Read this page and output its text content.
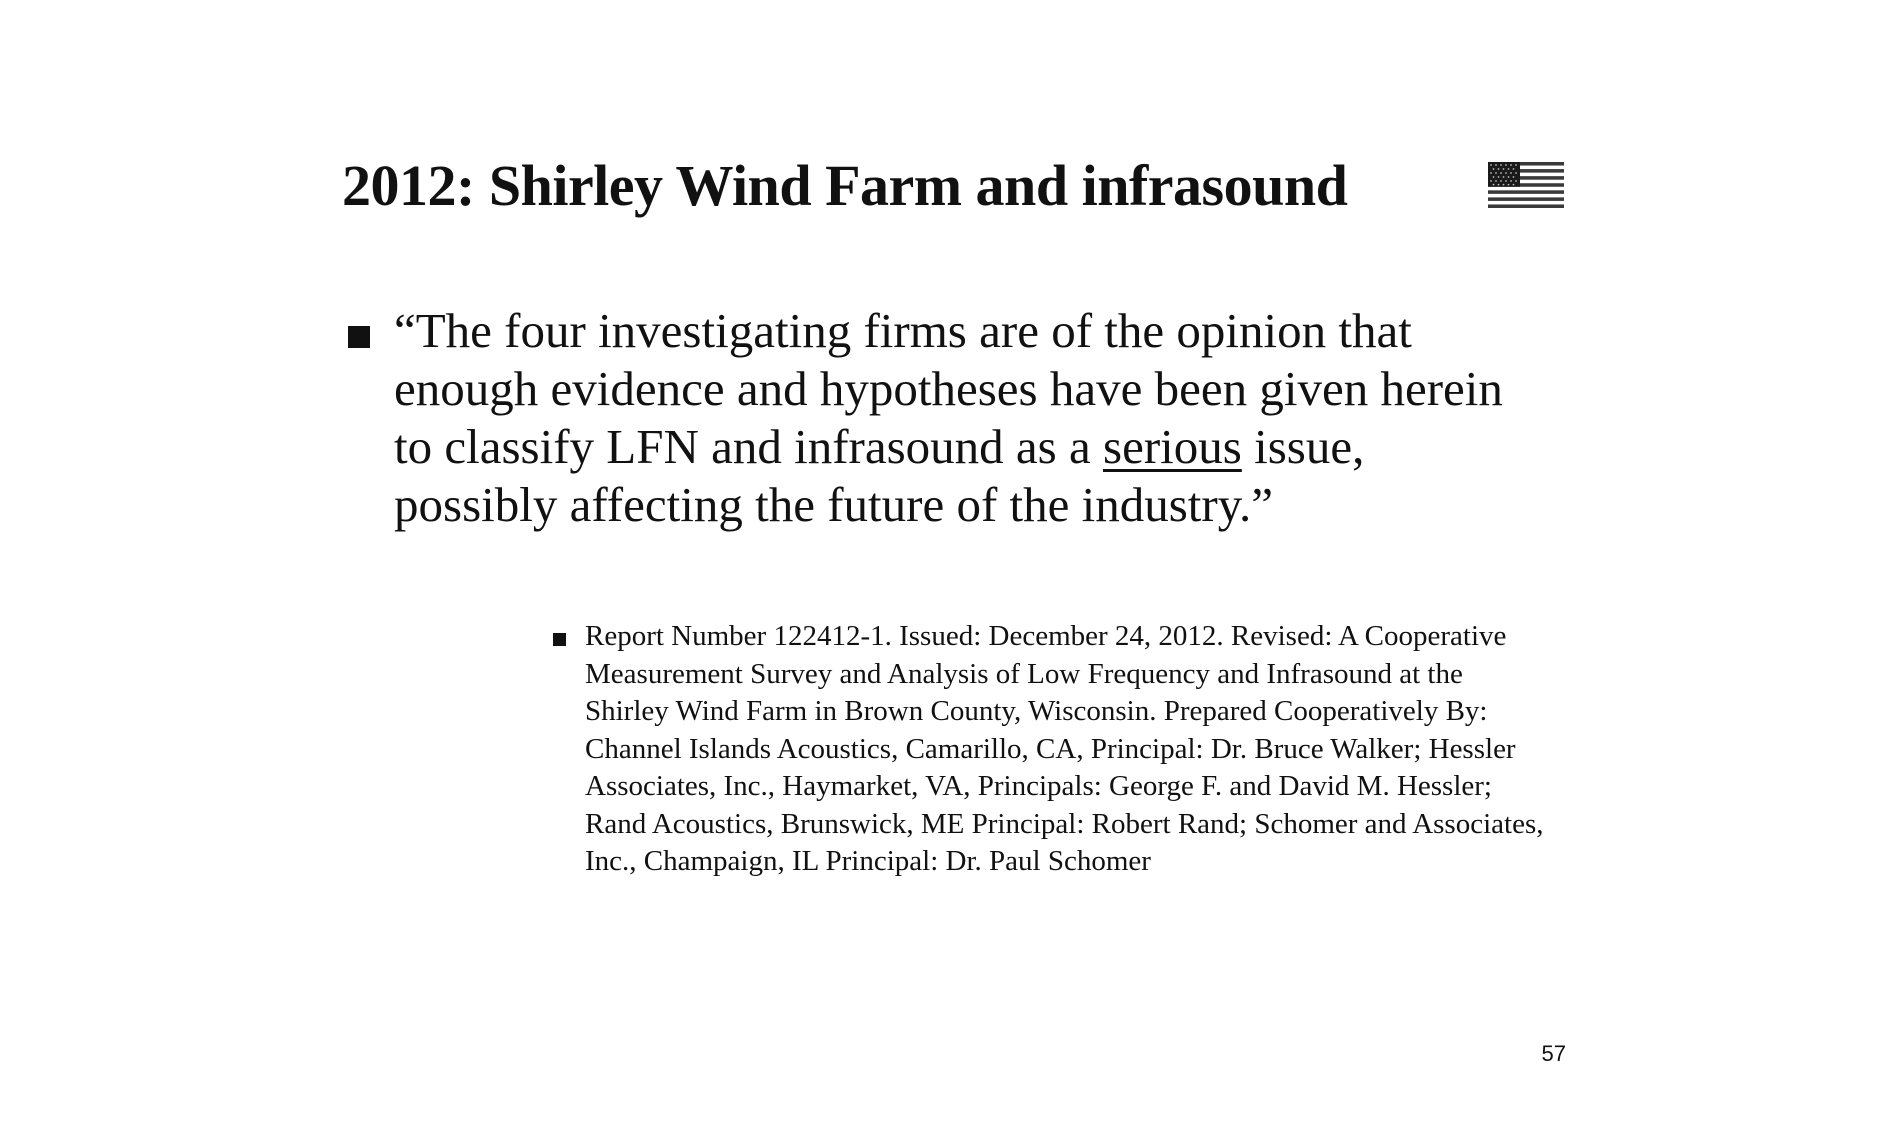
2012: Shirley Wind Farm and infrasound

“The four investigating firms are of the opinion that enough evidence and hypotheses have been given herein to classify LFN and infrasound as a serious issue, possibly affecting the future of the industry.”

Report Number 122412-1. Issued: December 24, 2012. Revised: A Cooperative Measurement Survey and Analysis of Low Frequency and Infrasound at the Shirley Wind Farm in Brown County, Wisconsin. Prepared Cooperatively By: Channel Islands Acoustics, Camarillo, CA, Principal: Dr. Bruce Walker; Hessler Associates, Inc., Haymarket, VA, Principals: George F. and David M. Hessler; Rand Acoustics, Brunswick, ME Principal: Robert Rand; Schomer and Associates, Inc., Champaign, IL Principal: Dr. Paul Schomer

57
